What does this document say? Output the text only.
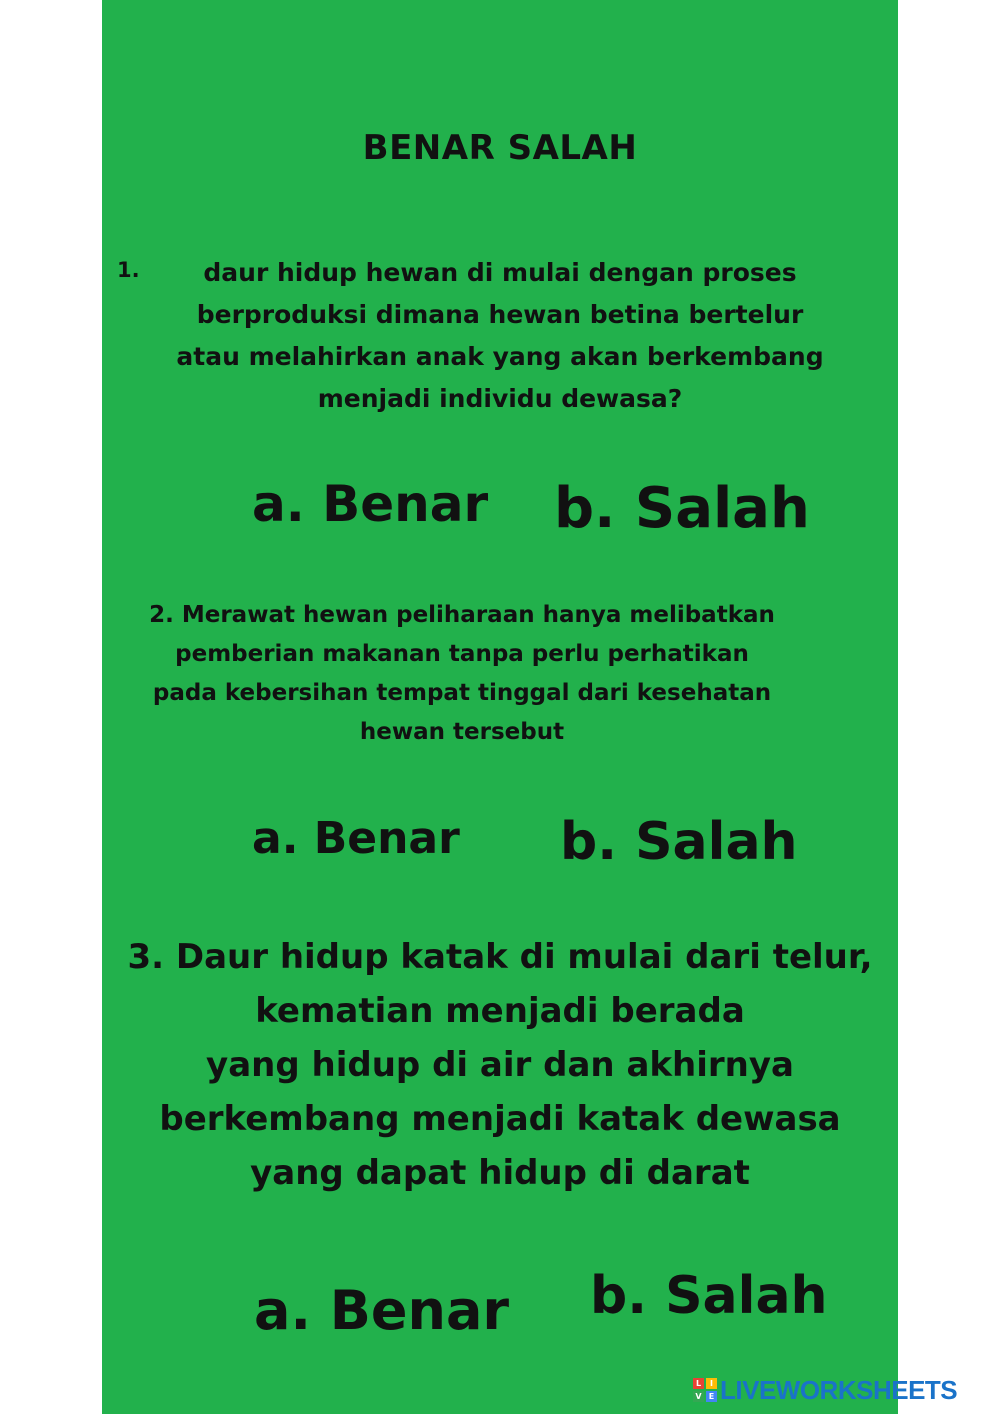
BENAR SALAH
1.	daur hidup hewan di mulai dengan proses
berproduksi dimana hewan betina bertelur
atau melahirkan anak yang akan berkembang
menjadi individu dewasa?
a. Benar b. Salah
2. Merawat hewan peliharaan hanya melibatkan
pemberian makanan tanpa perlu perhatikan
pada kebersihan tempat tinggal dari kesehatan
hewan tersebut
a. Benar b. Salah
3. Daur hidup katak di mulai dari telur,
kematian menjadi berada
yang hidup di air dan akhirnya
berkembang menjadi katak dewasa
yang dapat hidup di darat
a. Benar b. Salah
L	I
V E LIVEWORKSHEETS
